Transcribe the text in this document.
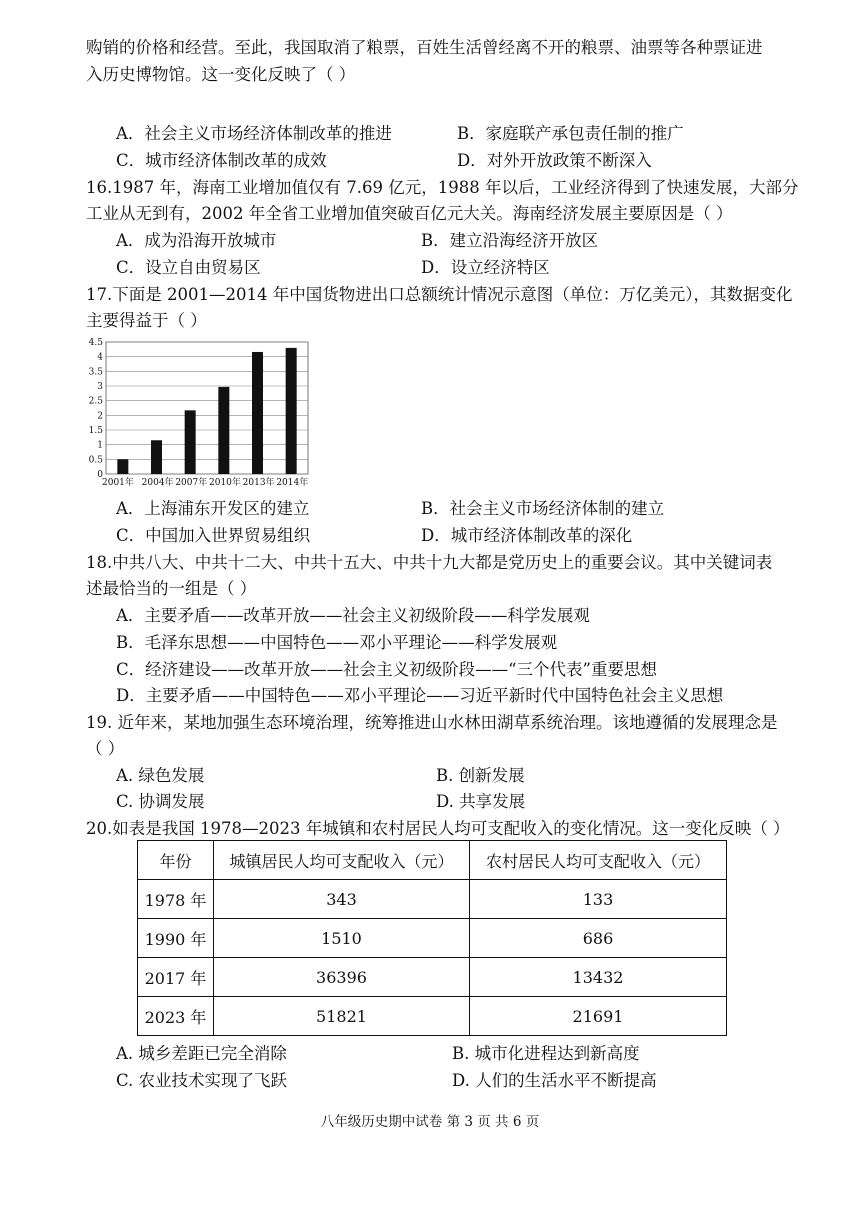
购销的价格和经营。至此，我国取消了粮票，百姓生活曾经离不开的粮票、油票等各种票证进
入历史博物馆。这一变化反映了（ ）
A．社会主义市场经济体制改革的推进	B．家庭联产承包责任制的推广
C．城市经济体制改革的成效	D．对外开放政策不断深入
16.1987 年，海南工业增加值仅有 7.69 亿元，1988 年以后，工业经济得到了快速发展，大部分
工业从无到有，2002 年全省工业增加值突破百亿元大关。海南经济发展主要原因是（ ）
A．成为沿海开放城市	B．建立沿海经济开放区
C．设立自由贸易区	D．设立经济特区
17.下面是 2001—2014 年中国货物进出口总额统计情况示意图（单位：万亿美元），其数据变化
主要得益于（ ）
0
0.5
1
1.5
2
2.5
3
3.5
4
4.5
2001年 2004年 2007年 2010年 2013年 2014年
A．上海浦东开发区的建立	B．社会主义市场经济体制的建立
C．中国加入世界贸易组织	D．城市经济体制改革的深化
18.中共八大、中共十二大、中共十五大、中共十九大都是党历史上的重要会议。其中关键词表
述最恰当的一组是（ ）
A．主要矛盾——改革开放——社会主义初级阶段——科学发展观
B．毛泽东思想——中国特色——邓小平理论——科学发展观
C．经济建设——改革开放——社会主义初级阶段——“三个代表”重要思想
D．主要矛盾——中国特色——邓小平理论——习近平新时代中国特色社会主义思想
19. 近年来，某地加强生态环境治理，统筹推进山水林田湖草系统治理。该地遵循的发展理念是
（ ）
A. 绿色发展	B. 创新发展
C. 协调发展	D. 共享发展
20.如表是我国 1978—2023 年城镇和农村居民人均可支配收入的变化情况。这一变化反映（ ）
年份	城镇居民人均可支配收入（元）	农村居民人均可支配收入（元）
1978 年	343	133
1990 年	1510	686
2017 年	36396	13432
2023 年	51821	21691
A. 城乡差距已完全消除	B. 城市化进程达到新高度
C. 农业技术实现了飞跃	D. 人们的生活水平不断提高
八年级历史期中试卷 第 3 页 共 6 页
